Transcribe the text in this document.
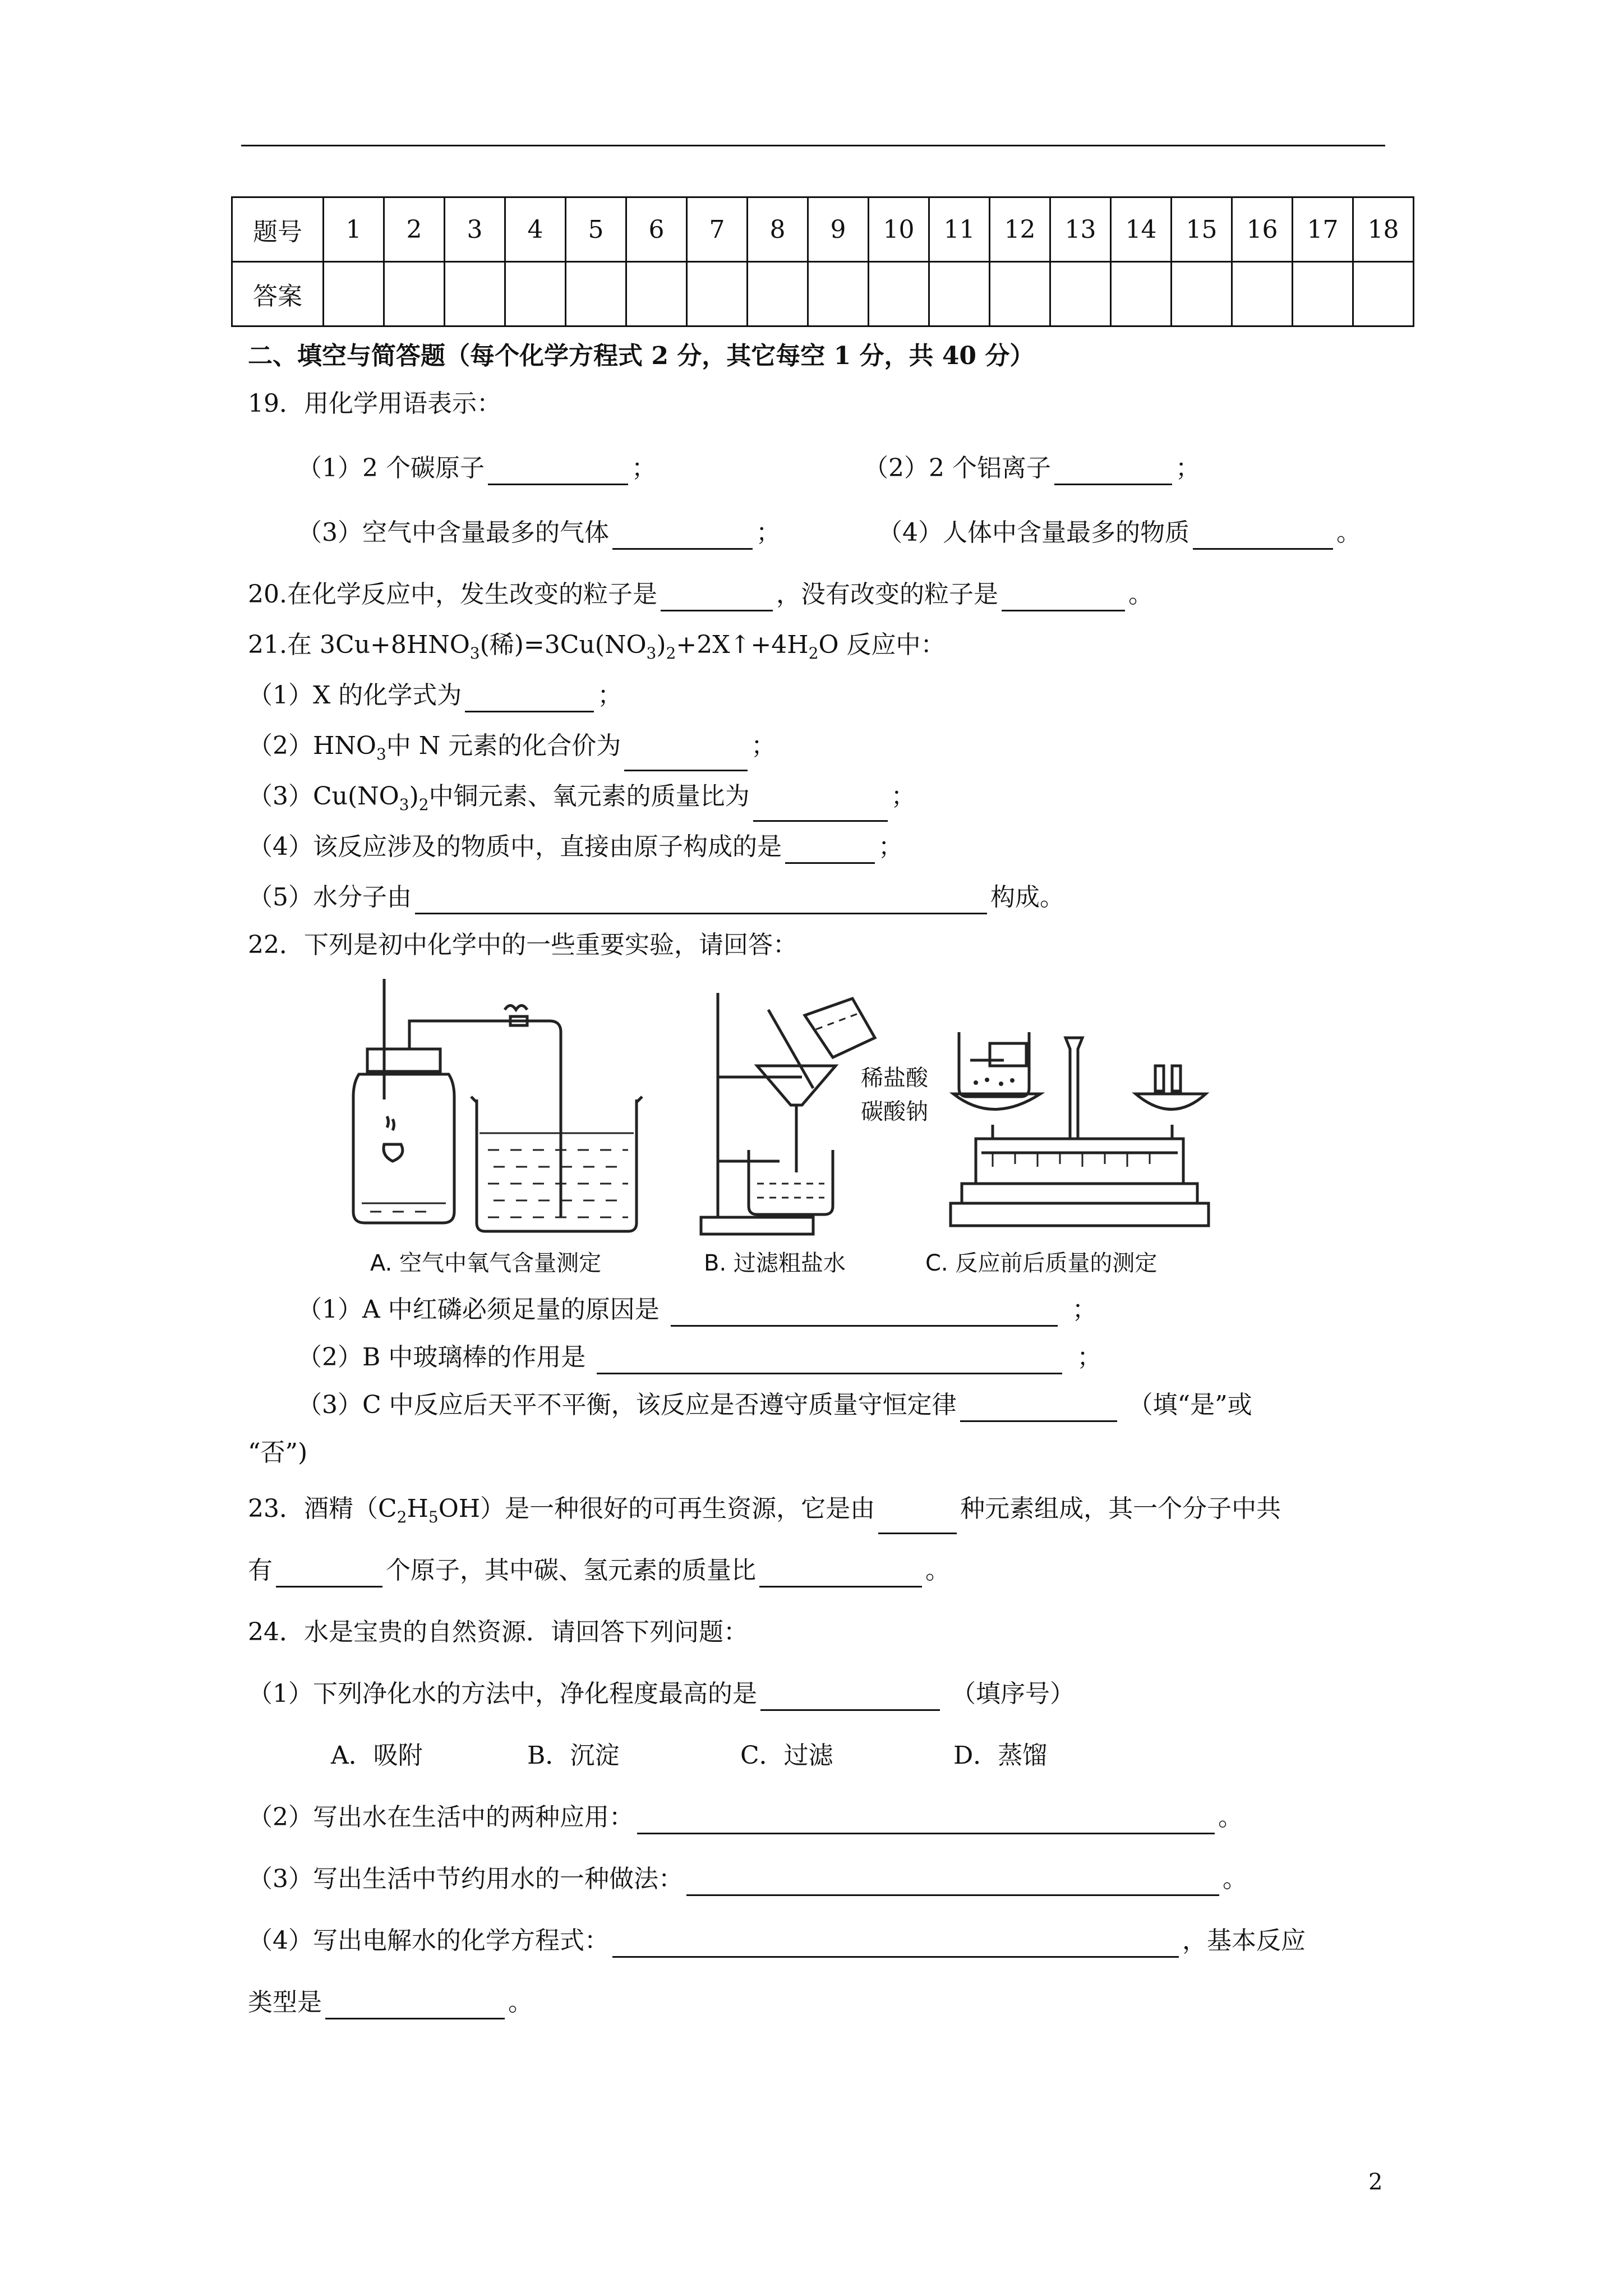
题号	1	2	3	4	5	6	7	8	9	10	11	12	13	14	15	16	17	18
答案																		
二、填空与简答题（每个化学方程式 2 分，其它每空 1 分，共 40 分）
19．用化学用语表示：
（1）2 个碳原子	；	（2）2 个铝离子	；
（3）空气中含量最多的气体	；	（4）人体中含量最多的物质	。
20.在化学反应中，发生改变的粒子是	，没有改变的粒子是	。
21.在 $3Cu+8HNO_3$(稀)$=3Cu(NO_3)_2+2X↑+4H_2O$ 反应中：
（1）X 的化学式为	；
$(2)HNO_3$中 N 元素的化合价为	；
$(3)Cu(NO_3)_2$中铜元素、氧元素的质量比为	；
（4）该反应涉及的物质中，直接由原子构成的是	；
（5）水分子由	构成。
22．下列是初中化学中的一些重要实验，请回答：
稀盐酸
碳酸钠
A. 空气中氧气含量测定	B. 过滤粗盐水	C. 反应前后质量的测定
（1）A 中红磷必须足量的原因是	；
（2）B 中玻璃棒的作用是	；
（3）C 中反应后天平不平衡，该反应是否遵守质量守恒定律	（填“是”或
“否”)
23．酒精$(C_2H_5OH)$是一种很好的可再生资源，它是由	种元素组成，其一个分子中共
有	个原子，其中碳、氢元素的质量比	。
24．水是宝贵的自然资源．请回答下列问题：
（1）下列净化水的方法中，净化程度最高的是	（填序号）
A．吸附	B．沉淀	C．过滤	D．蒸馏
（2）写出水在生活中的两种应用：	。
（3）写出生活中节约用水的一种做法：	。
（4）写出电解水的化学方程式：	，基本反应
类型是	。
2
